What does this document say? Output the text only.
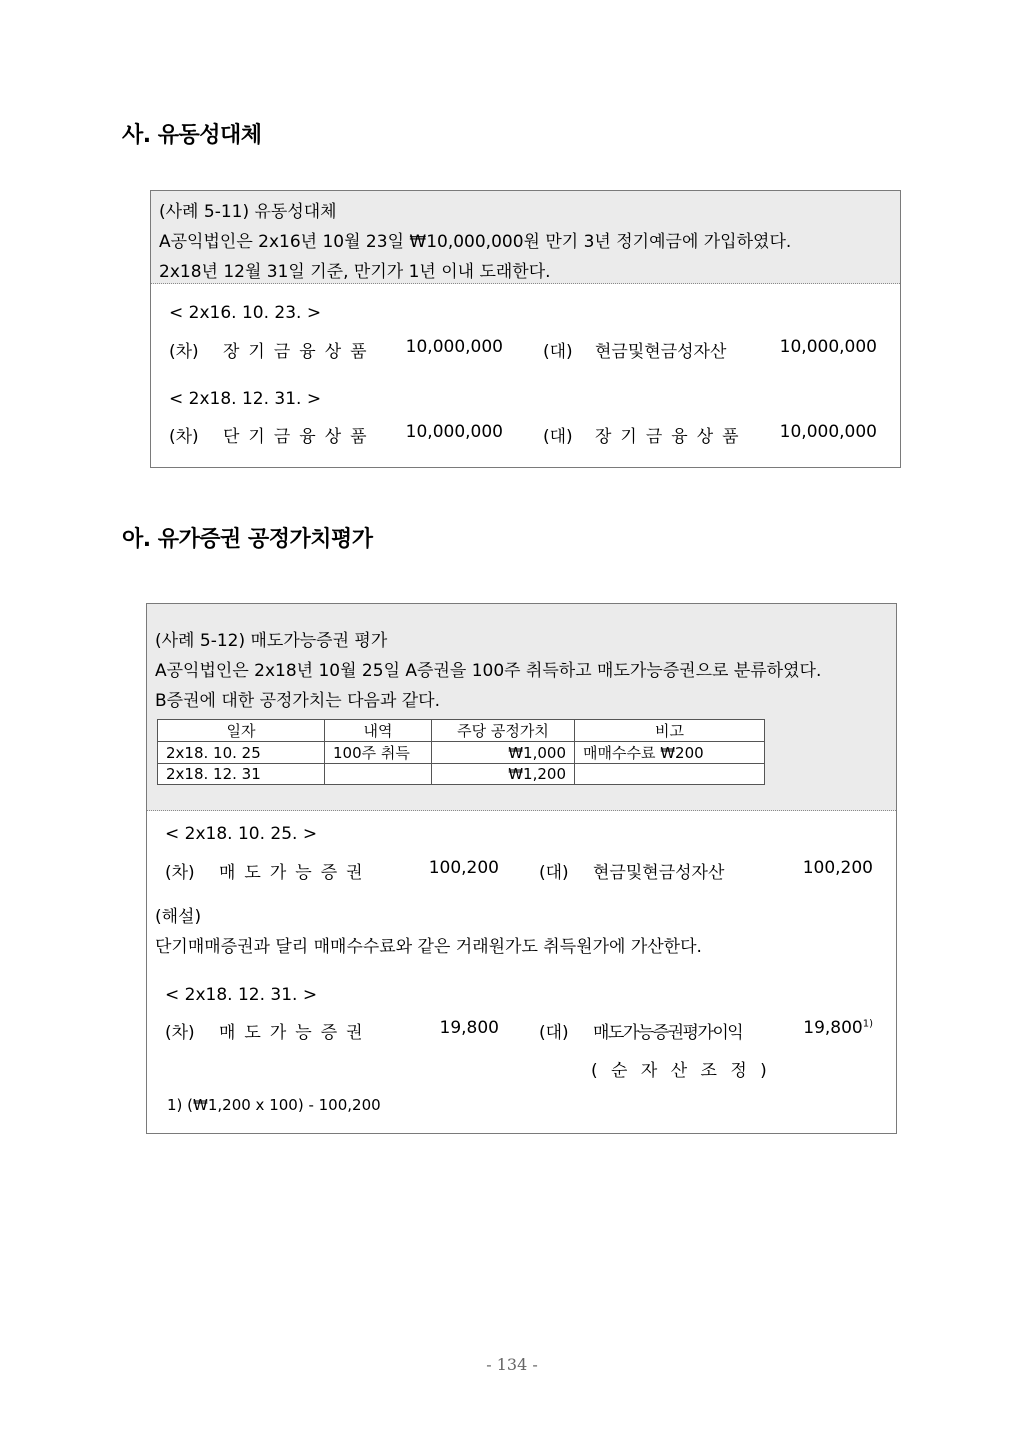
사. 유동성대체
(사례 5-11) 유동성대체
A공익법인은 2x16년 10월 23일 ₩10,000,000원 만기 3년 정기예금에 가입하였다.
2x18년 12월 31일 기준, 만기가 1년 이내 도래한다.
< 2x16. 10. 23. >
(차) 장기금융상품	10,000,000 (대) 현금및현금성자산	10,000,000
< 2x18. 12. 31. >
(차) 단기금융상품	10,000,000 (대) 장기금융상품	10,000,000
아. 유가증권 공정가치평가
(사례 5-12) 매도가능증권 평가
A공익법인은 2x18년 10월 25일 A증권을 100주 취득하고 매도가능증권으로 분류하였다.
B증권에 대한 공정가치는 다음과 같다.
일자	내역	주당 공정가치	비고
2x18. 10. 25	100주 취득	₩1,000	매매수수료 ₩200
2x18. 12. 31		₩1,200	
< 2x18. 10. 25. >
(차) 매도가능증권	100,200 (대) 현금및현금성자산	100,200
(해설)
단기매매증권과 달리 매매수수료와 같은 거래원가도 취득원가에 가산한다.
< 2x18. 12. 31. >
(차) 매도가능증권	19,800 (대) 매도가능증권평가이익	19,800$^{1)}$
( 순 자 산 조 정 )
1) (₩1,200 x 100) - 100,200
- 134 -
